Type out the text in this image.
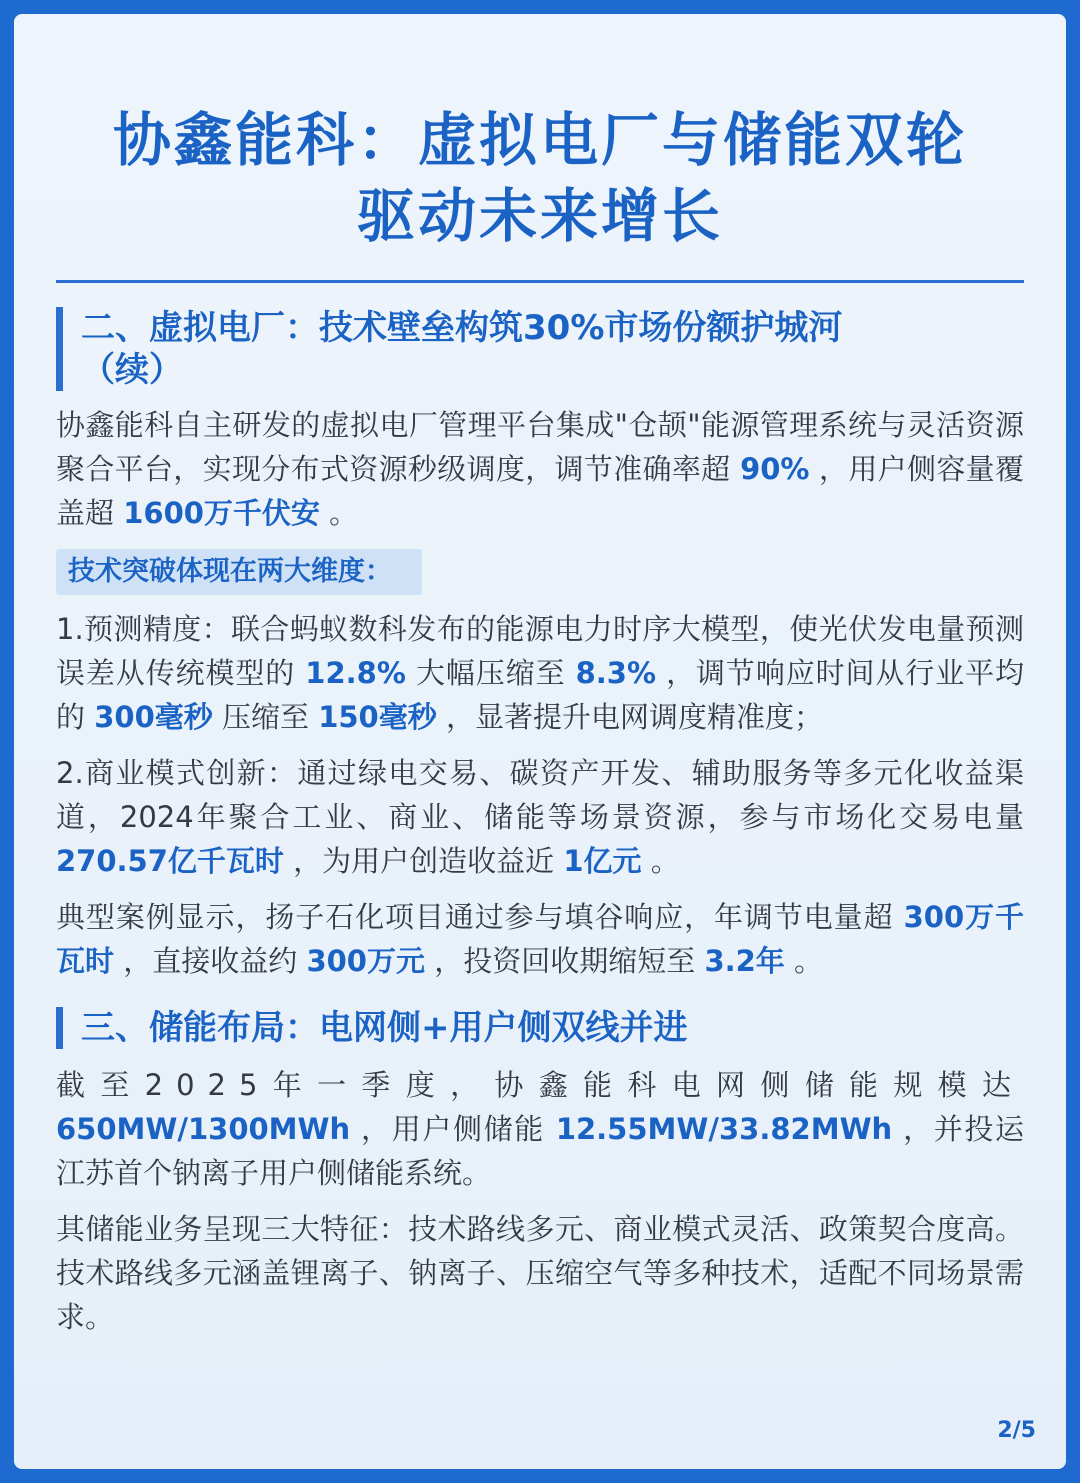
协鑫能科：虚拟电厂与储能双轮
驱动未来增长
二、虚拟电厂：技术壁垒构筑30%市场份额护城河
（续）

协鑫能科自主研发的虚拟电厂管理平台集成"仓颉"能源管理系统与灵活资源聚合平台，实现分布式资源秒级调度，调节准确率超 90% ，用户侧容量覆盖超 1600万千伏安 。

技术突破体现在两大维度：

1.预测精度：联合蚂蚁数科发布的能源电力时序大模型，使光伏发电量预测误差从传统模型的 12.8% 大幅压缩至 8.3% ，调节响应时间从行业平均的 300毫秒 压缩至 150毫秒 ，显著提升电网调度精准度；

2.商业模式创新：通过绿电交易、碳资产开发、辅助服务等多元化收益渠道，2024年聚合工业、商业、储能等场景资源，参与市场化交易电量 270.57亿千瓦时 ，为用户创造收益近 1亿元 。

典型案例显示，扬子石化项目通过参与填谷响应，年调节电量超 300万千瓦时 ，直接收益约 300万元 ，投资回收期缩短至 3.2年 。

三、储能布局：电网侧+用户侧双线并进

截至2025年一季度，协鑫能科电网侧储能规模达650MW/1300MWh ，用户侧储能 12.55MW/33.82MWh ，并投运江苏首个钠离子用户侧储能系统。

其储能业务呈现三大特征：技术路线多元、商业模式灵活、政策契合度高。技术路线多元涵盖锂离子、钠离子、压缩空气等多种技术，适配不同场景需求。

2/5
